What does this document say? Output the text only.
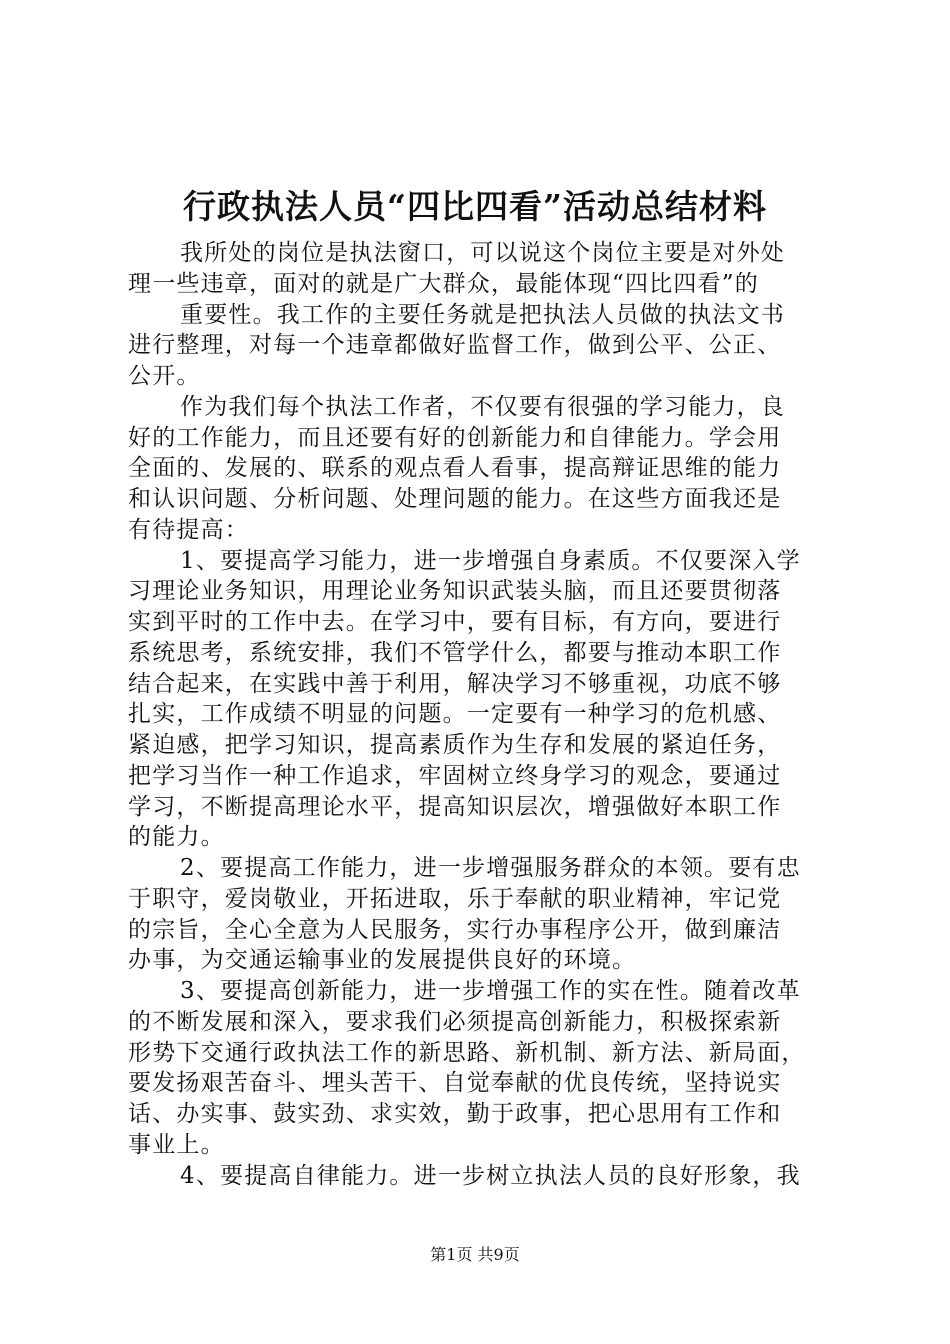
行政执法人员“四比四看”活动总结材料
我所处的岗位是执法窗口，可以说这个岗位主要是对外处
理一些违章，面对的就是广大群众，最能体现“四比四看”的
重要性。我工作的主要任务就是把执法人员做的执法文书
进行整理，对每一个违章都做好监督工作，做到公平、公正、
公开。
作为我们每个执法工作者，不仅要有很强的学习能力，良
好的工作能力，而且还要有好的创新能力和自律能力。学会用
全面的、发展的、联系的观点看人看事，提高辩证思维的能力
和认识问题、分析问题、处理问题的能力。在这些方面我还是
有待提高：
1、要提高学习能力，进一步增强自身素质。不仅要深入学
习理论业务知识，用理论业务知识武装头脑，而且还要贯彻落
实到平时的工作中去。在学习中，要有目标，有方向，要进行
系统思考，系统安排，我们不管学什么，都要与推动本职工作
结合起来，在实践中善于利用，解决学习不够重视，功底不够
扎实，工作成绩不明显的问题。一定要有一种学习的危机感、
紧迫感，把学习知识，提高素质作为生存和发展的紧迫任务，
把学习当作一种工作追求，牢固树立终身学习的观念，要通过
学习，不断提高理论水平，提高知识层次，增强做好本职工作
的能力。
2、要提高工作能力，进一步增强服务群众的本领。要有忠
于职守，爱岗敬业，开拓进取，乐于奉献的职业精神，牢记党
的宗旨，全心全意为人民服务，实行办事程序公开，做到廉洁
办事，为交通运输事业的发展提供良好的环境。
3、要提高创新能力，进一步增强工作的实在性。随着改革
的不断发展和深入，要求我们必须提高创新能力，积极探索新
形势下交通行政执法工作的新思路、新机制、新方法、新局面，
要发扬艰苦奋斗、埋头苦干、自觉奉献的优良传统，坚持说实
话、办实事、鼓实劲、求实效，勤于政事，把心思用有工作和
事业上。
4、要提高自律能力。进一步树立执法人员的良好形象，我
第1页 共9页
